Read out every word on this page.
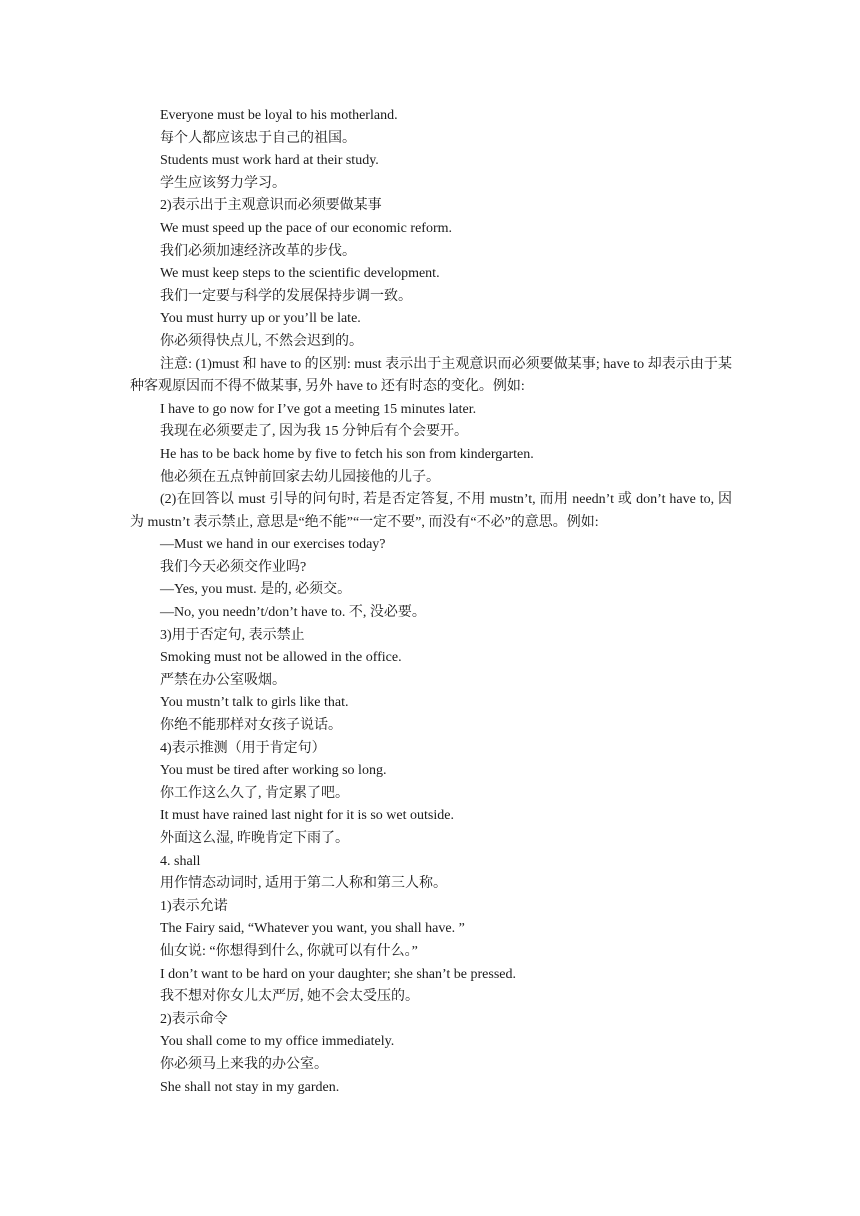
Everyone must be loyal to his motherland.
每个人都应该忠于自己的祖国。
Students must work hard at their study.
学生应该努力学习。
2)表示出于主观意识而必须要做某事
We must speed up the pace of our economic reform.
我们必须加速经济改革的步伐。
We must keep steps to the scientific development.
我们一定要与科学的发展保持步调一致。
You must hurry up or you’ll be late.
你必须得快点儿, 不然会迟到的。
注意: (1)must 和 have to 的区别: must 表示出于主观意识而必须要做某事; have to 却表示由于某种客观原因而不得不做某事, 另外 have to 还有时态的变化。例如:
I have to go now for I’ve got a meeting 15 minutes later.
我现在必须要走了, 因为我 15 分钟后有个会要开。
He has to be back home by five to fetch his son from kindergarten.
他必须在五点钟前回家去幼儿园接他的儿子。
(2)在回答以 must 引导的问句时, 若是否定答复, 不用 mustn’t, 而用 needn’t 或 don’t have to, 因为 mustn’t 表示禁止, 意思是“绝不能”“一定不要”, 而没有“不必”的意思。例如:
—Must we hand in our exercises today?
我们今天必须交作业吗?
—Yes, you must. 是的, 必须交。
—No, you needn’t/don’t have to. 不, 没必要。
3)用于否定句, 表示禁止
Smoking must not be allowed in the office.
严禁在办公室吸烟。
You mustn’t talk to girls like that.
你绝不能那样对女孩子说话。
4)表示推测（用于肯定句）
You must be tired after working so long.
你工作这么久了, 肯定累了吧。
It must have rained last night for it is so wet outside.
外面这么湿, 昨晚肯定下雨了。
4. shall
用作情态动词时, 适用于第二人称和第三人称。
1)表示允诺
The Fairy said, “Whatever you want, you shall have. ”
仙女说: “你想得到什么, 你就可以有什么。”
I don’t want to be hard on your daughter; she shan’t be pressed.
我不想对你女儿太严厉, 她不会太受压的。
2)表示命令
You shall come to my office immediately.
你必须马上来我的办公室。
She shall not stay in my garden.
